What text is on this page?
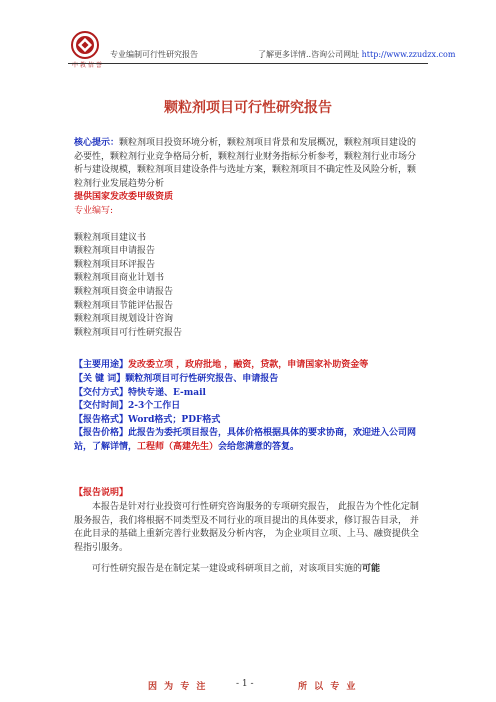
中 教 信 誉
专业编制可行性研究报告	了解更多详情..咨询公司网址 http://www.zzudzx.com
颗粒剂项目可行性研究报告

核心提示：颗粒剂项目投资环境分析，颗粒剂项目背景和发展概况，颗粒剂项目建设的必要性，颗粒剂行业竞争格局分析，颗粒剂行业财务指标分析参考，颗粒剂行业市场分析与建设规模，颗粒剂项目建设条件与选址方案，颗粒剂项目不确定性及风险分析，颗粒剂行业发展趋势分析

提供国家发改委甲级资质

专业编写:

颗粒剂项目建议书

颗粒剂项目申请报告

颗粒剂项目环评报告

颗粒剂项目商业计划书

颗粒剂项目资金申请报告

颗粒剂项目节能评估报告

颗粒剂项目规划设计咨询

颗粒剂项目可行性研究报告

【主要用途】发改委立项 ，政府批地 ，融资，贷款，申请国家补助资金等

【关 键 词】颗粒剂项目可行性研究报告、申请报告

【交付方式】特快专递、E-mail

【交付时间】2-3个工作日

【报告格式】Word格式；PDF格式

【报告价格】此报告为委托项目报告，具体价格根据具体的要求协商，欢迎进入公司网站，了解详情，工程师（高建先生）会给您满意的答复。

【报告说明】

本报告是针对行业投资可行性研究咨询服务的专项研究报告， 此报告为个性化定制服务报告，我们将根据不同类型及不同行业的项目提出的具体要求，修订报告目录， 并在此目录的基础上重新完善行业数据及分析内容， 为企业项目立项、上马、融资提供全程指引服务。

可行性研究报告是在制定某一建设或科研项目之前，对该项目实施的可能

因 为 专 注	- 1 -	所 以 专 业
